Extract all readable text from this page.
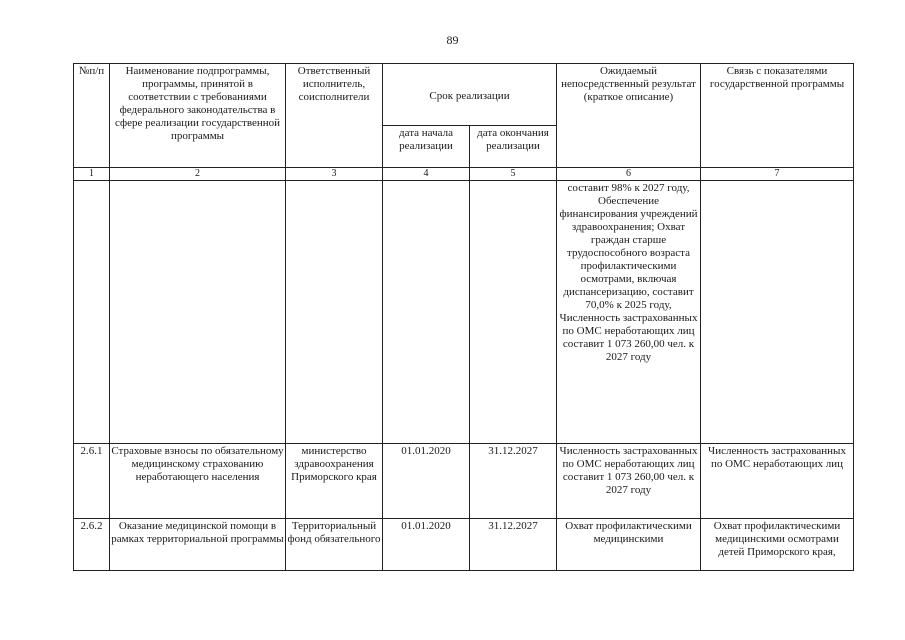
89
№п/п	Наименование подпрограммы, программы, принятой в соответствии с требованиями федерального законодательства в сфере реализации государственной программы	Ответственный исполнитель, соисполнители	Срок реализации		Ожидаемый непосредственный результат (краткое описание)	Связь с показателями государственной программы
			дата начала реализации	дата окончания реализации		
1	2	3	4	5	6	7
					составит 98% к 2027 году, Обеспечение финансирования учреждений здравоохранения; Охват граждан старше трудоспособного возраста профилактическими осмотрами, включая диспансеризацию, составит 70,0% к 2025 году, Численность застрахованных по ОМС неработающих лиц составит 1 073 260,00 чел. к 2027 году	
2.6.1	Страховые взносы по обязательному медицинскому страхованию неработающего населения	министерство здравоохранения Приморского края	01.01.2020	31.12.2027	Численность застрахованных по ОМС неработающих лиц составит 1 073 260,00 чел. к 2027 году	Численность застрахованных по ОМС неработающих лиц
2.6.2	Оказание медицинской помощи в рамках территориальной программы	Территориальный фонд обязательного	01.01.2020	31.12.2027	Охват профилактическими медицинскими	Охват профилактическими медицинскими осмотрами детей Приморского края,
